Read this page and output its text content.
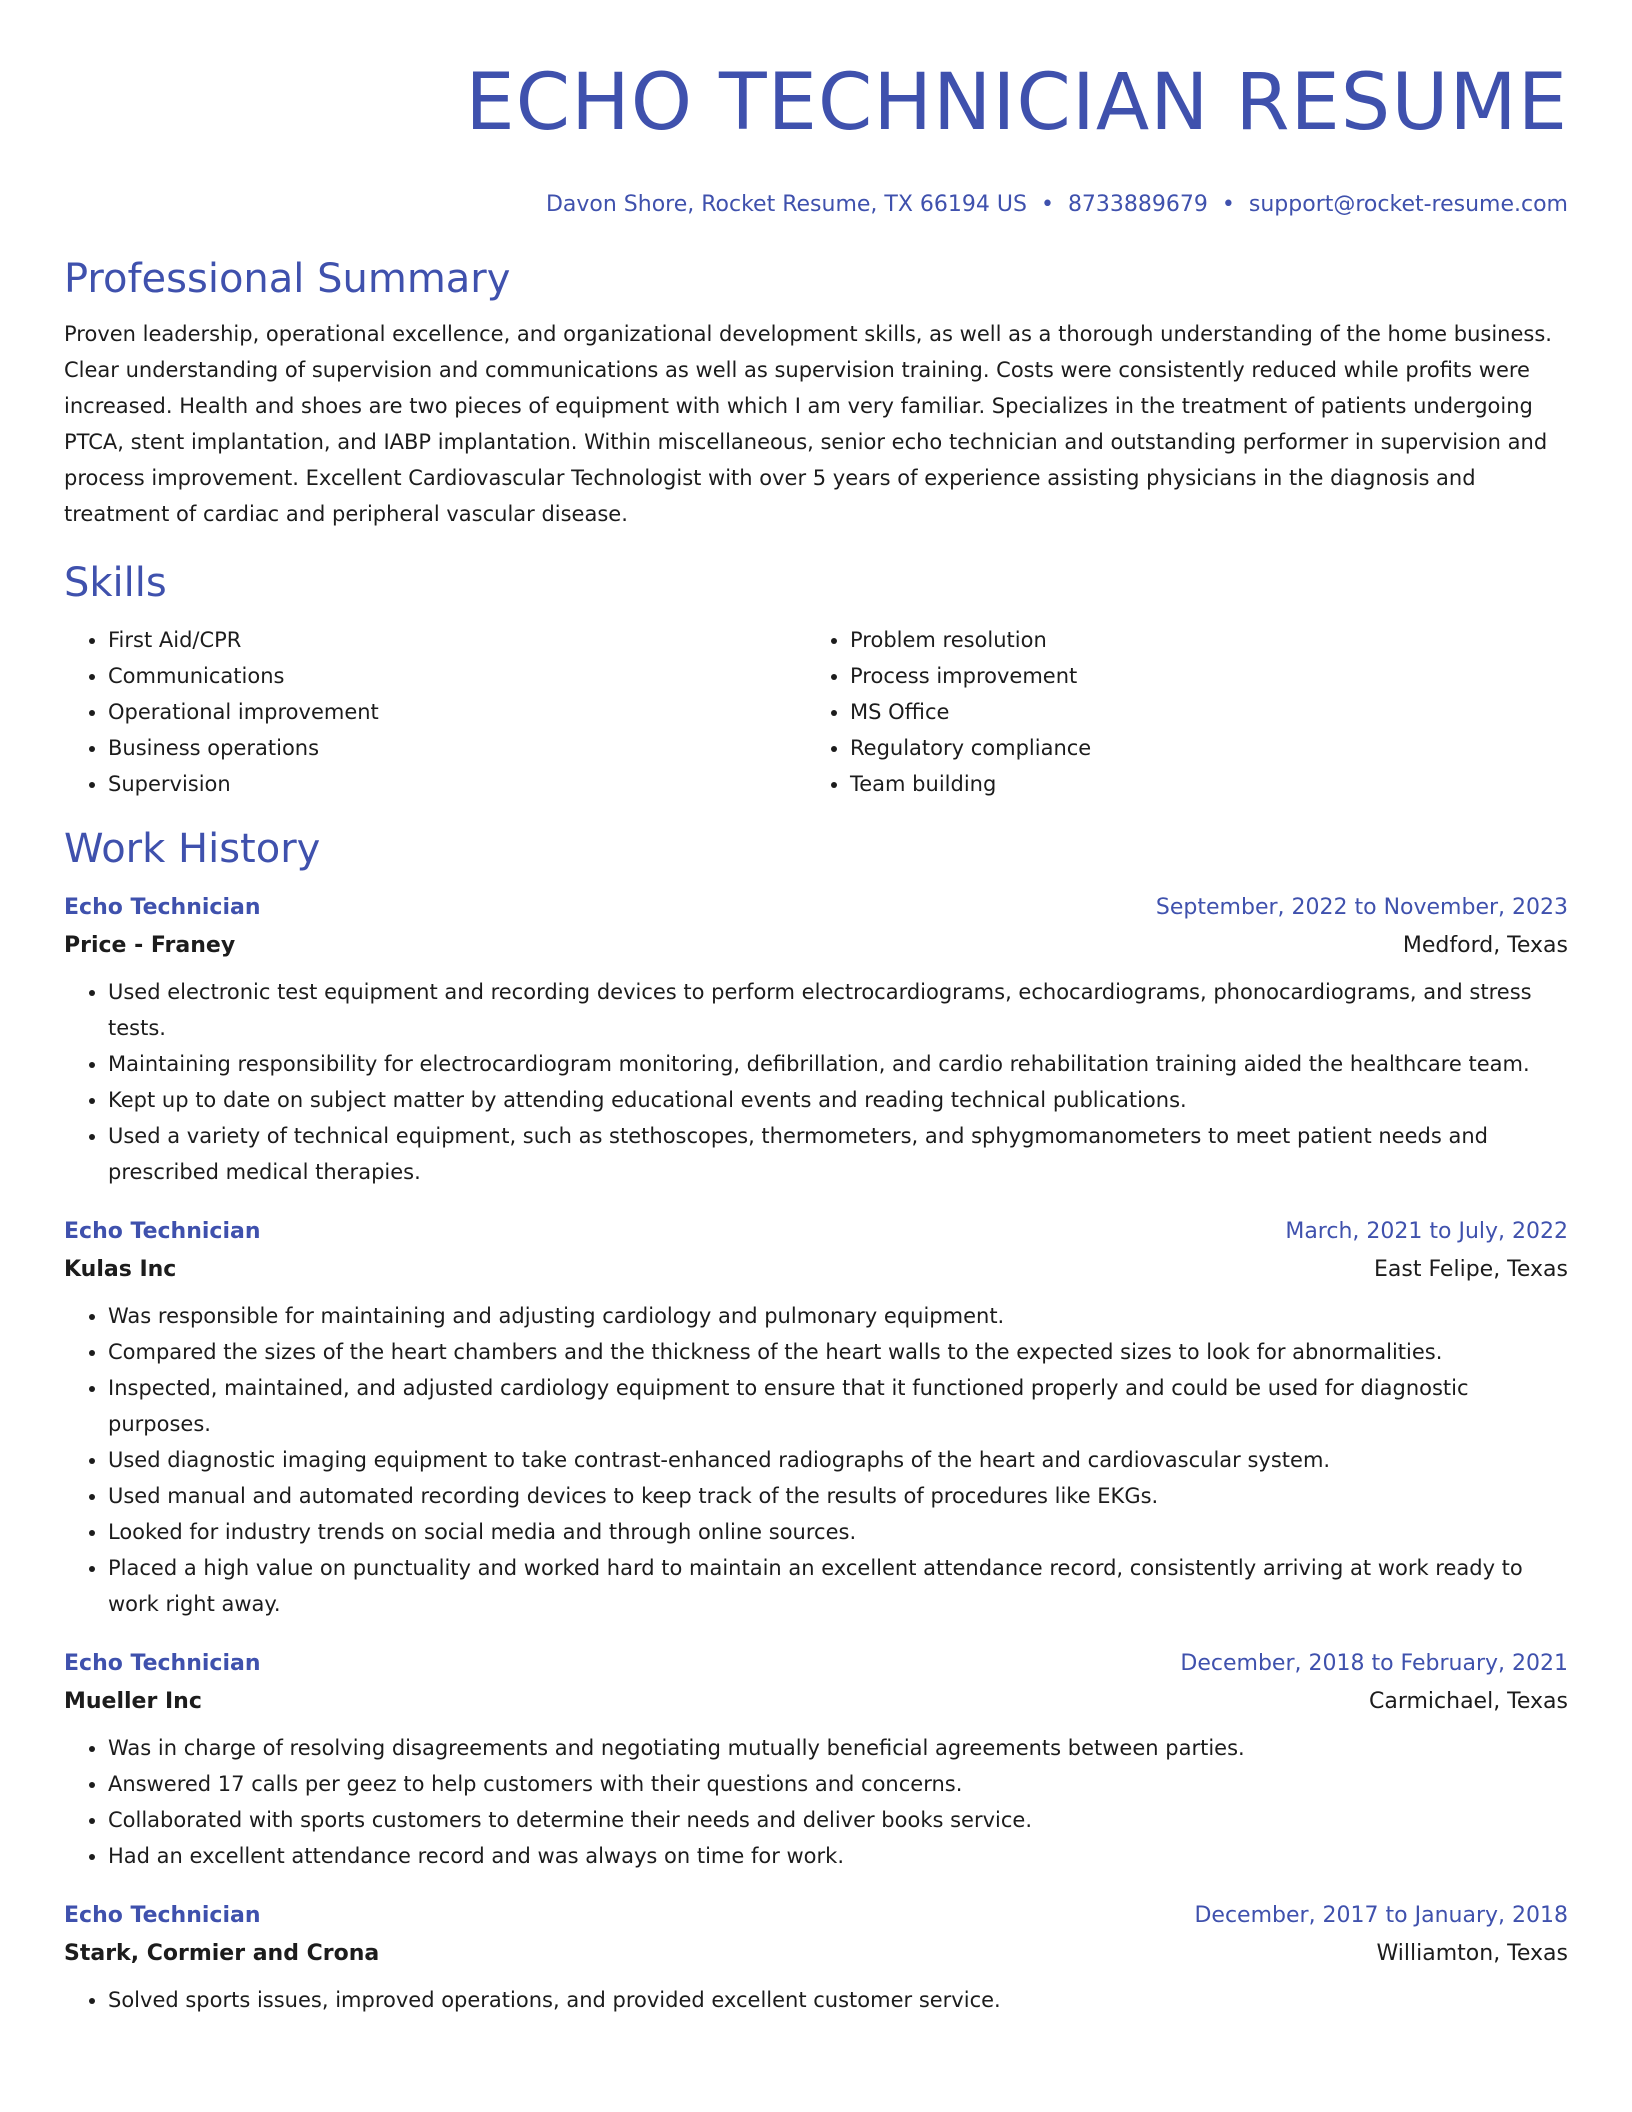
ECHO TECHNICIAN RESUME
Davon Shore, Rocket Resume, TX 66194 US • 8733889679 • support@rocket-resume.com
Professional Summary
Proven leadership, operational excellence, and organizational development skills, as well as a thorough understanding of the home business. Clear understanding of supervision and communications as well as supervision training. Costs were consistently reduced while profits were increased. Health and shoes are two pieces of equipment with which I am very familiar. Specializes in the treatment of patients undergoing PTCA, stent implantation, and IABP implantation. Within miscellaneous, senior echo technician and outstanding performer in supervision and process improvement. Excellent Cardiovascular Technologist with over 5 years of experience assisting physicians in the diagnosis and treatment of cardiac and peripheral vascular disease.
Skills
• First Aid/CPR
• Communications
• Operational improvement
• Business operations
• Supervision
• Problem resolution
• Process improvement
• MS Office
• Regulatory compliance
• Team building
Work History
Echo Technician	September, 2022 to November, 2023
Price - Franey	Medford, Texas
• Used electronic test equipment and recording devices to perform electrocardiograms, echocardiograms, phonocardiograms, and stress tests.
• Maintaining responsibility for electrocardiogram monitoring, defibrillation, and cardio rehabilitation training aided the healthcare team.
• Kept up to date on subject matter by attending educational events and reading technical publications.
• Used a variety of technical equipment, such as stethoscopes, thermometers, and sphygmomanometers to meet patient needs and prescribed medical therapies.
Echo Technician	March, 2021 to July, 2022
Kulas Inc	East Felipe, Texas
• Was responsible for maintaining and adjusting cardiology and pulmonary equipment.
• Compared the sizes of the heart chambers and the thickness of the heart walls to the expected sizes to look for abnormalities.
• Inspected, maintained, and adjusted cardiology equipment to ensure that it functioned properly and could be used for diagnostic purposes.
• Used diagnostic imaging equipment to take contrast-enhanced radiographs of the heart and cardiovascular system.
• Used manual and automated recording devices to keep track of the results of procedures like EKGs.
• Looked for industry trends on social media and through online sources.
• Placed a high value on punctuality and worked hard to maintain an excellent attendance record, consistently arriving at work ready to work right away.
Echo Technician	December, 2018 to February, 2021
Mueller Inc	Carmichael, Texas
• Was in charge of resolving disagreements and negotiating mutually beneficial agreements between parties.
• Answered 17 calls per geez to help customers with their questions and concerns.
• Collaborated with sports customers to determine their needs and deliver books service.
• Had an excellent attendance record and was always on time for work.
Echo Technician	December, 2017 to January, 2018
Stark, Cormier and Crona	Williamton, Texas
• Solved sports issues, improved operations, and provided excellent customer service.
